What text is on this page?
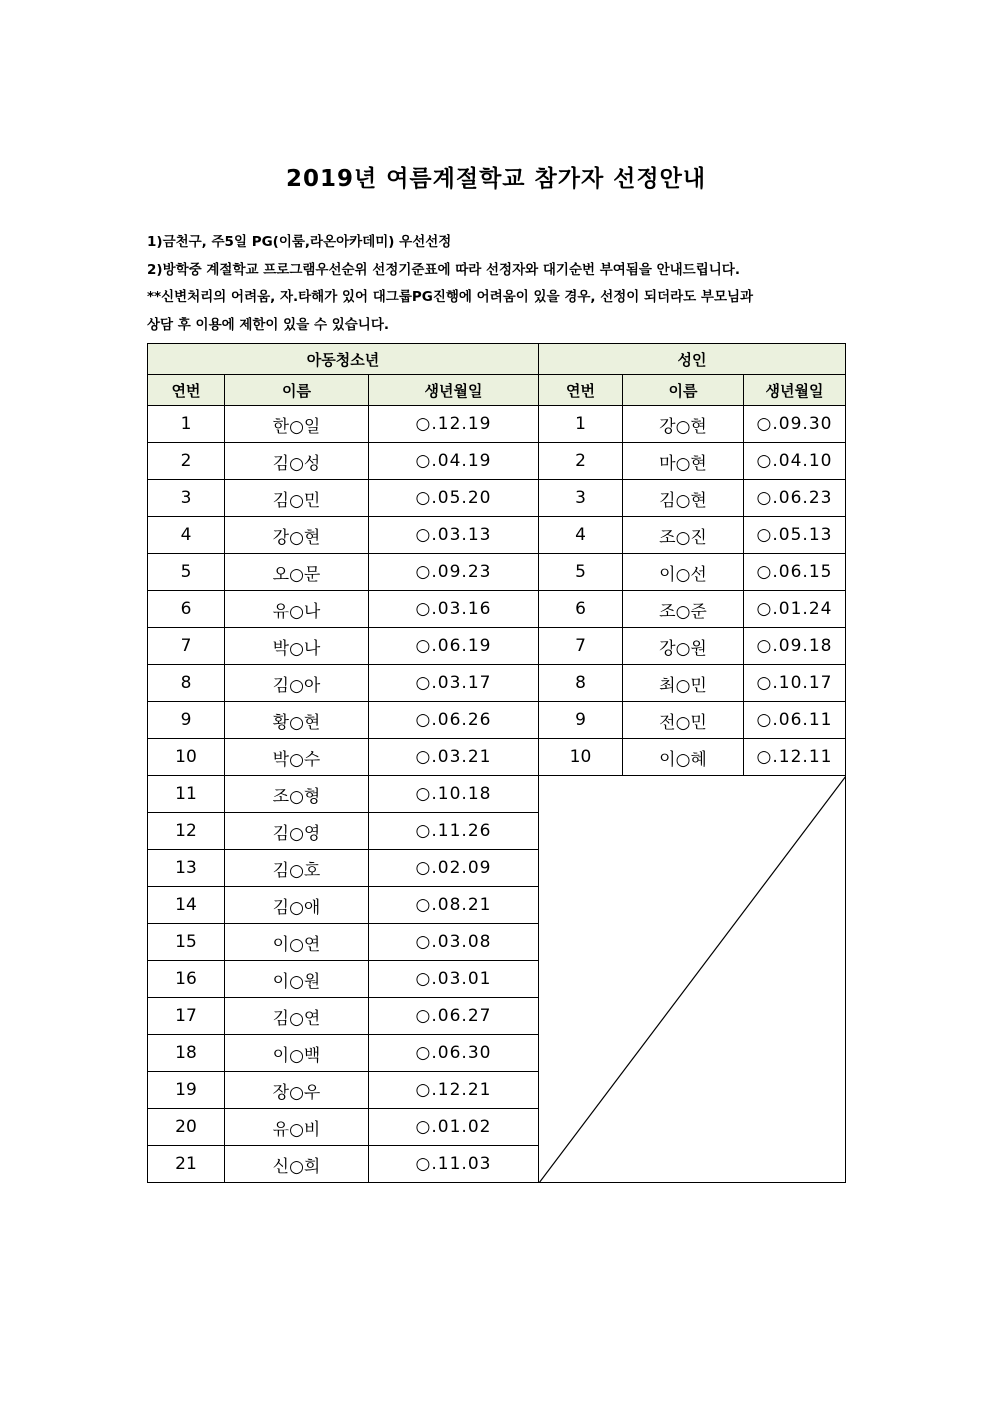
2019년 여름계절학교 참가자 선정안내
1)금천구, 주5일 PG(이룸,라온아카데미) 우선선정
2)방학중 계절학교 프로그램우선순위 선정기준표에 따라 선정자와 대기순번 부여됨을 안내드립니다.
**신변처리의 어려움, 자.타해가 있어 대그룹PG진행에 어려움이 있을 경우, 선정이 되더라도 부모님과
상담 후 이용에 제한이 있을 수 있습니다.
아동청소년			성인		
연번	이름	생년월일	연번	이름	생년월일
1	한○일	○.12.19	1	강○현	○.09.30
2	김○성	○.04.19	2	마○현	○.04.10
3	김○민	○.05.20	3	김○현	○.06.23
4	강○현	○.03.13	4	조○진	○.05.13
5	오○문	○.09.23	5	이○선	○.06.15
6	유○나	○.03.16	6	조○준	○.01.24
7	박○나	○.06.19	7	강○원	○.09.18
8	김○아	○.03.17	8	최○민	○.10.17
9	황○현	○.06.26	9	전○민	○.06.11
10	박○수	○.03.21	10	이○혜	○.12.11
11	조○형	○.10.18	

12	김○영	○.11.26			
13	김○호	○.02.09			
14	김○애	○.08.21			
15	이○연	○.03.08			
16	이○원	○.03.01			
17	김○연	○.06.27			
18	이○백	○.06.30			
19	장○우	○.12.21			
20	유○비	○.01.02			
21	신○희	○.11.03			
